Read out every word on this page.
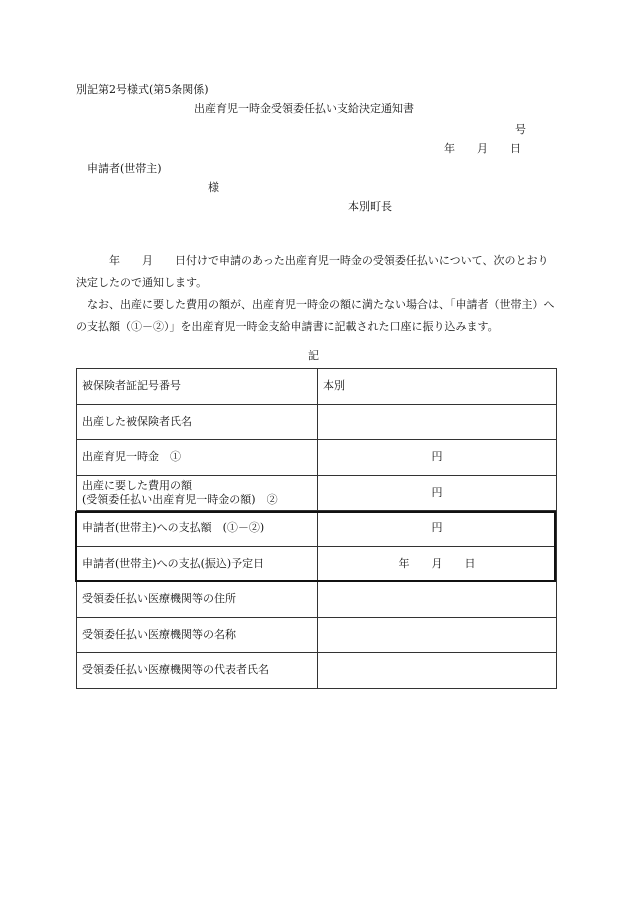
別記第2号様式(第5条関係)
出産育児一時金受領委任払い支給決定通知書
号
年　　月　　日
申請者(世帯主)
様
本別町長
　　　年　　月　　日付けで申請のあった出産育児一時金の受領委任払いについて、次のとおり決定したので通知します。
　なお、出産に要した費用の額が、出産育児一時金の額に満たない場合は、「申請者（世帯主）への支払額（①－②）」を出産育児一時金支給申請書に記載された口座に振り込みます。
記
被保険者証記号番号	本別
出産した被保険者氏名	
出産育児一時金　①	円

出産に要した費用の額
(受領委任払い出産育児一時金の額)　②	円
申請者(世帯主)への支払額　(①－②)	円
申請者(世帯主)への支払(振込)予定日	年　　月　　日
受領委任払い医療機関等の住所	
受領委任払い医療機関等の名称	
受領委任払い医療機関等の代表者氏名	
